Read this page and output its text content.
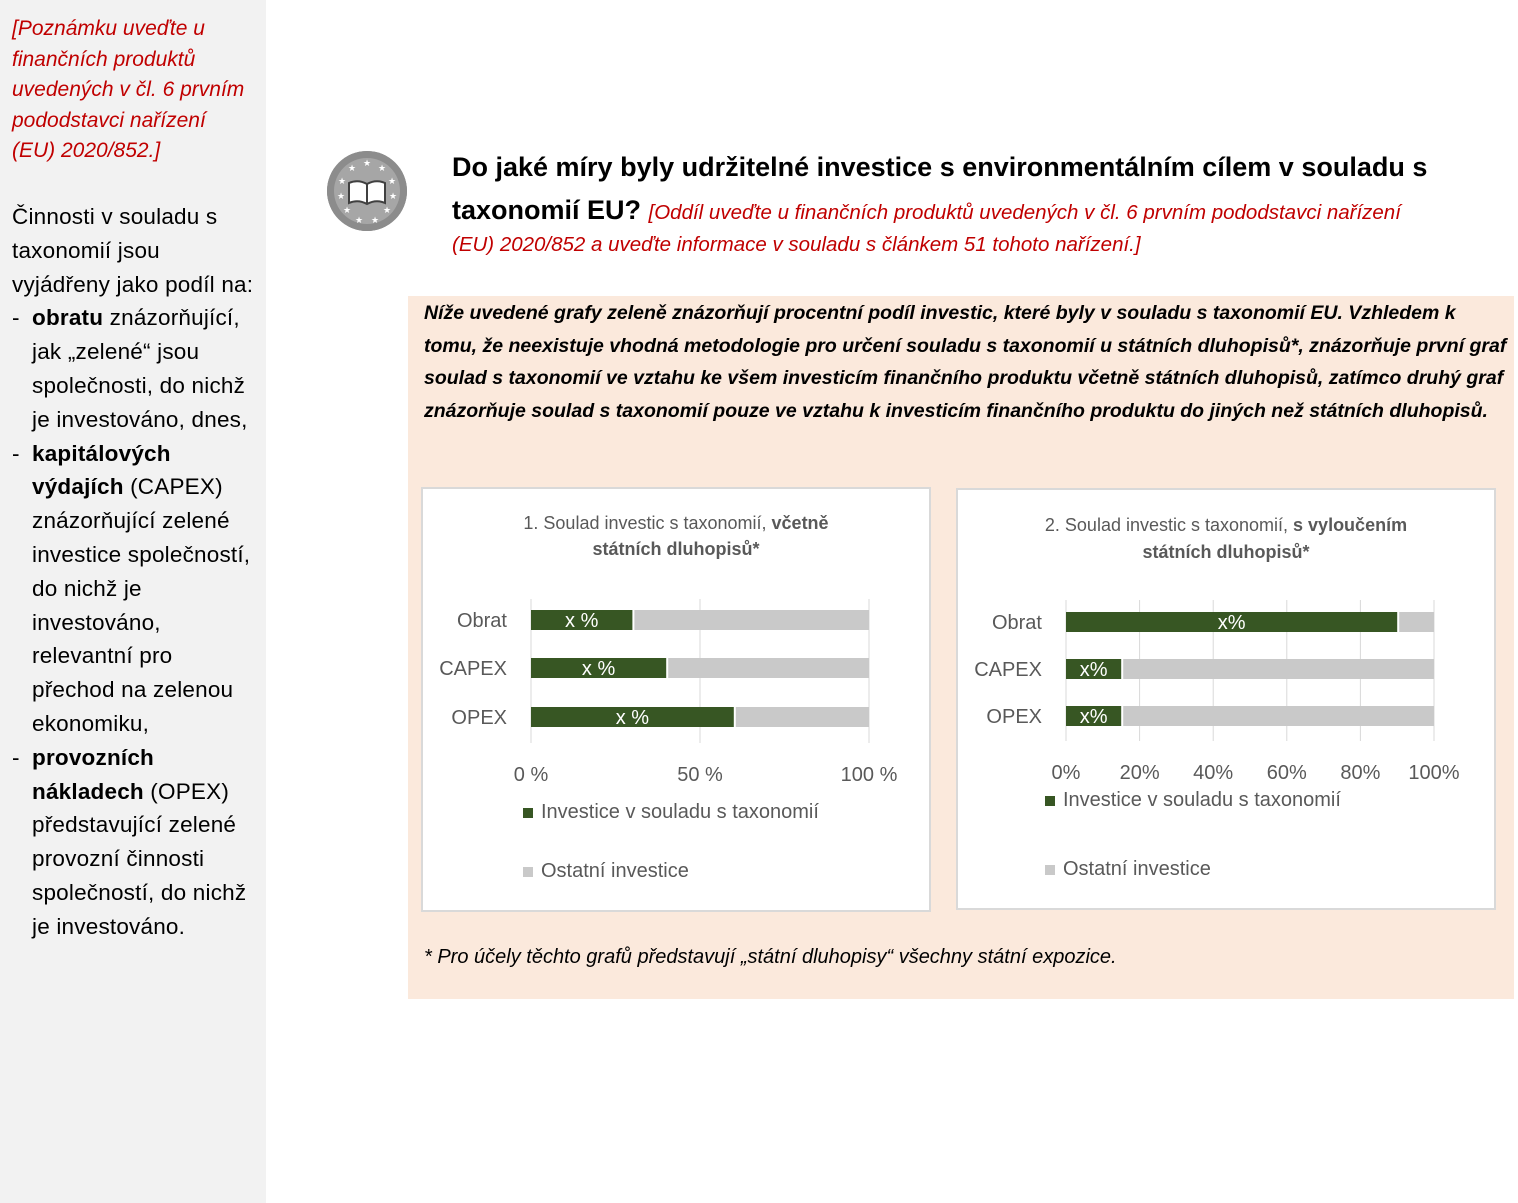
[Poznámku uveďte u finančních produktů uvedených v čl. 6 prvním pododstavci nařízení (EU) 2020/852.]
Činnosti v souladu s taxonomií jsou vyjádřeny jako podíl na:
- obratu znázorňující, jak „zelené“ jsou společnosti, do nichž je investováno, dnes,
- kapitálových výdajích (CAPEX) znázorňující zelené investice společností, do nichž je investováno, relevantní pro přechod na zelenou ekonomiku,
- provozních nákladech (OPEX) představující zelené provozní činnosti společností, do nichž je investováno.
★
★ ★
★	★
★	★
★	★
★ ★
Do jaké míry byly udržitelné investice s environmentálním cílem v souladu s taxonomií EU? [Oddíl uveďte u finančních produktů uvedených v čl. 6 prvním pododstavci nařízení
(EU) 2020/852 a uveďte informace v souladu s článkem 51 tohoto nařízení.]
Níže uvedené grafy zeleně znázorňují procentní podíl investic, které byly v souladu s taxonomií EU. Vzhledem k tomu, že neexistuje vhodná metodologie pro určení souladu s taxonomií u státních dluhopisů*, znázorňuje první graf soulad s taxonomií ve vztahu ke všem investicím finančního produktu včetně státních dluhopisů, zatímco druhý graf znázorňuje soulad s taxonomií pouze ve vztahu k investicím finančního produktu do jiných než státních dluhopisů.
1. Soulad investic s taxonomií, včetně
státních dluhopisů*
0 %	50 %	100 %
Obrat	x %
CAPEX	x %
OPEX	x %
Investice v souladu s taxonomií
Ostatní investice
2. Soulad investic s taxonomií, s vyloučením
státních dluhopisů*
0% 20% 40% 60% 80% 100%
Obrat	x%
CAPEX x%
OPEX x%
Investice v souladu s taxonomií
Ostatní investice
* Pro účely těchto grafů představují „státní dluhopisy“ všechny státní expozice.
